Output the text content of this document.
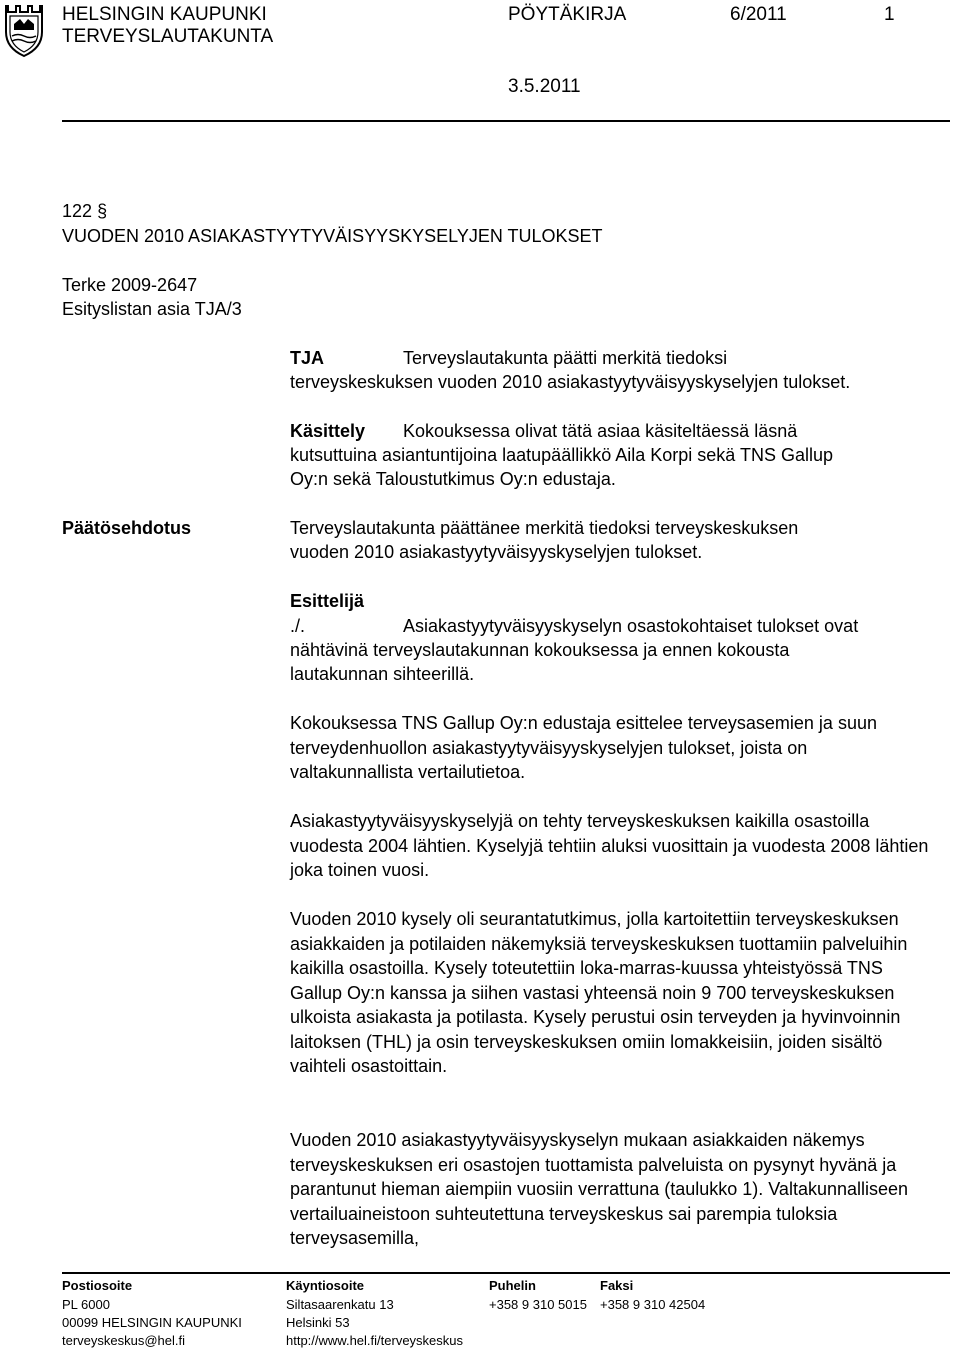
HELSINGIN KAUPUNKI
TERVEYSLAUTAKUNTA
PÖYTÄKIRJA	6/2011	1
3.5.2011
122 §
VUODEN 2010 ASIAKASTYYTYVÄISYYSKYSELYJEN TULOKSET
Terke 2009-2647
Esityslistan asia TJA/3
TJA	Terveyslautakunta päätti merkitä tiedoksi
terveyskeskuksen vuoden 2010 asiakastyytyväisyyskyselyjen tulokset.
Käsittely Kokouksessa olivat tätä asiaa käsiteltäessä läsnä
kutsuttuina asiantuntijoina laatupäällikkö Aila Korpi sekä TNS Gallup
Oy:n sekä Taloustutkimus Oy:n edustaja.
Päätösehdotus	Terveyslautakunta päättänee merkitä tiedoksi terveyskeskuksen
vuoden 2010 asiakastyytyväisyyskyselyjen tulokset.
Esittelijä
./.	Asiakastyytyväisyyskyselyn osastokohtaiset tulokset ovat
nähtävinä terveyslautakunnan kokouksessa ja ennen kokousta
lautakunnan sihteerillä.
Kokouksessa TNS Gallup Oy:n edustaja esittelee terveysasemien ja suun terveydenhuollon asiakastyytyväisyyskyselyjen tulokset, joista on valtakunnallista vertailutietoa.
Asiakastyytyväisyyskyselyjä on tehty terveyskeskuksen kaikilla osastoilla vuodesta 2004 lähtien. Kyselyjä tehtiin aluksi vuosittain ja vuodesta 2008 lähtien joka toinen vuosi.
Vuoden 2010 kysely oli seurantatutkimus, jolla kartoitettiin terveyskeskuksen asiakkaiden ja potilaiden näkemyksiä terveyskeskuksen tuottamiin palveluihin kaikilla osastoilla. Kysely toteutettiin loka-marras-kuussa yhteistyössä TNS Gallup Oy:n kanssa ja siihen vastasi yhteensä noin 9 700 terveyskeskuksen ulkoista asiakasta ja potilasta. Kysely perustui osin terveyden ja hyvinvoinnin laitoksen (THL) ja osin terveyskeskuksen omiin lomakkeisiin, joiden sisältö vaihteli osastoittain.
Vuoden 2010 asiakastyytyväisyyskyselyn mukaan asiakkaiden näkemys terveyskeskuksen eri osastojen tuottamista palveluista on pysynyt hyvänä ja parantunut hieman aiempiin vuosiin verrattuna (taulukko 1). Valtakunnalliseen vertailuaineistoon suhteutettuna terveyskeskus sai parempia tuloksia terveysasemilla,
Postiosoite
PL 6000
00099 HELSINGIN KAUPUNKI
terveyskeskus@hel.fi
Käyntiosoite
Siltasaarenkatu 13
Helsinki 53
http://www.hel.fi/terveyskeskus
Puhelin
+358 9 310 5015
Faksi
+358 9 310 42504
